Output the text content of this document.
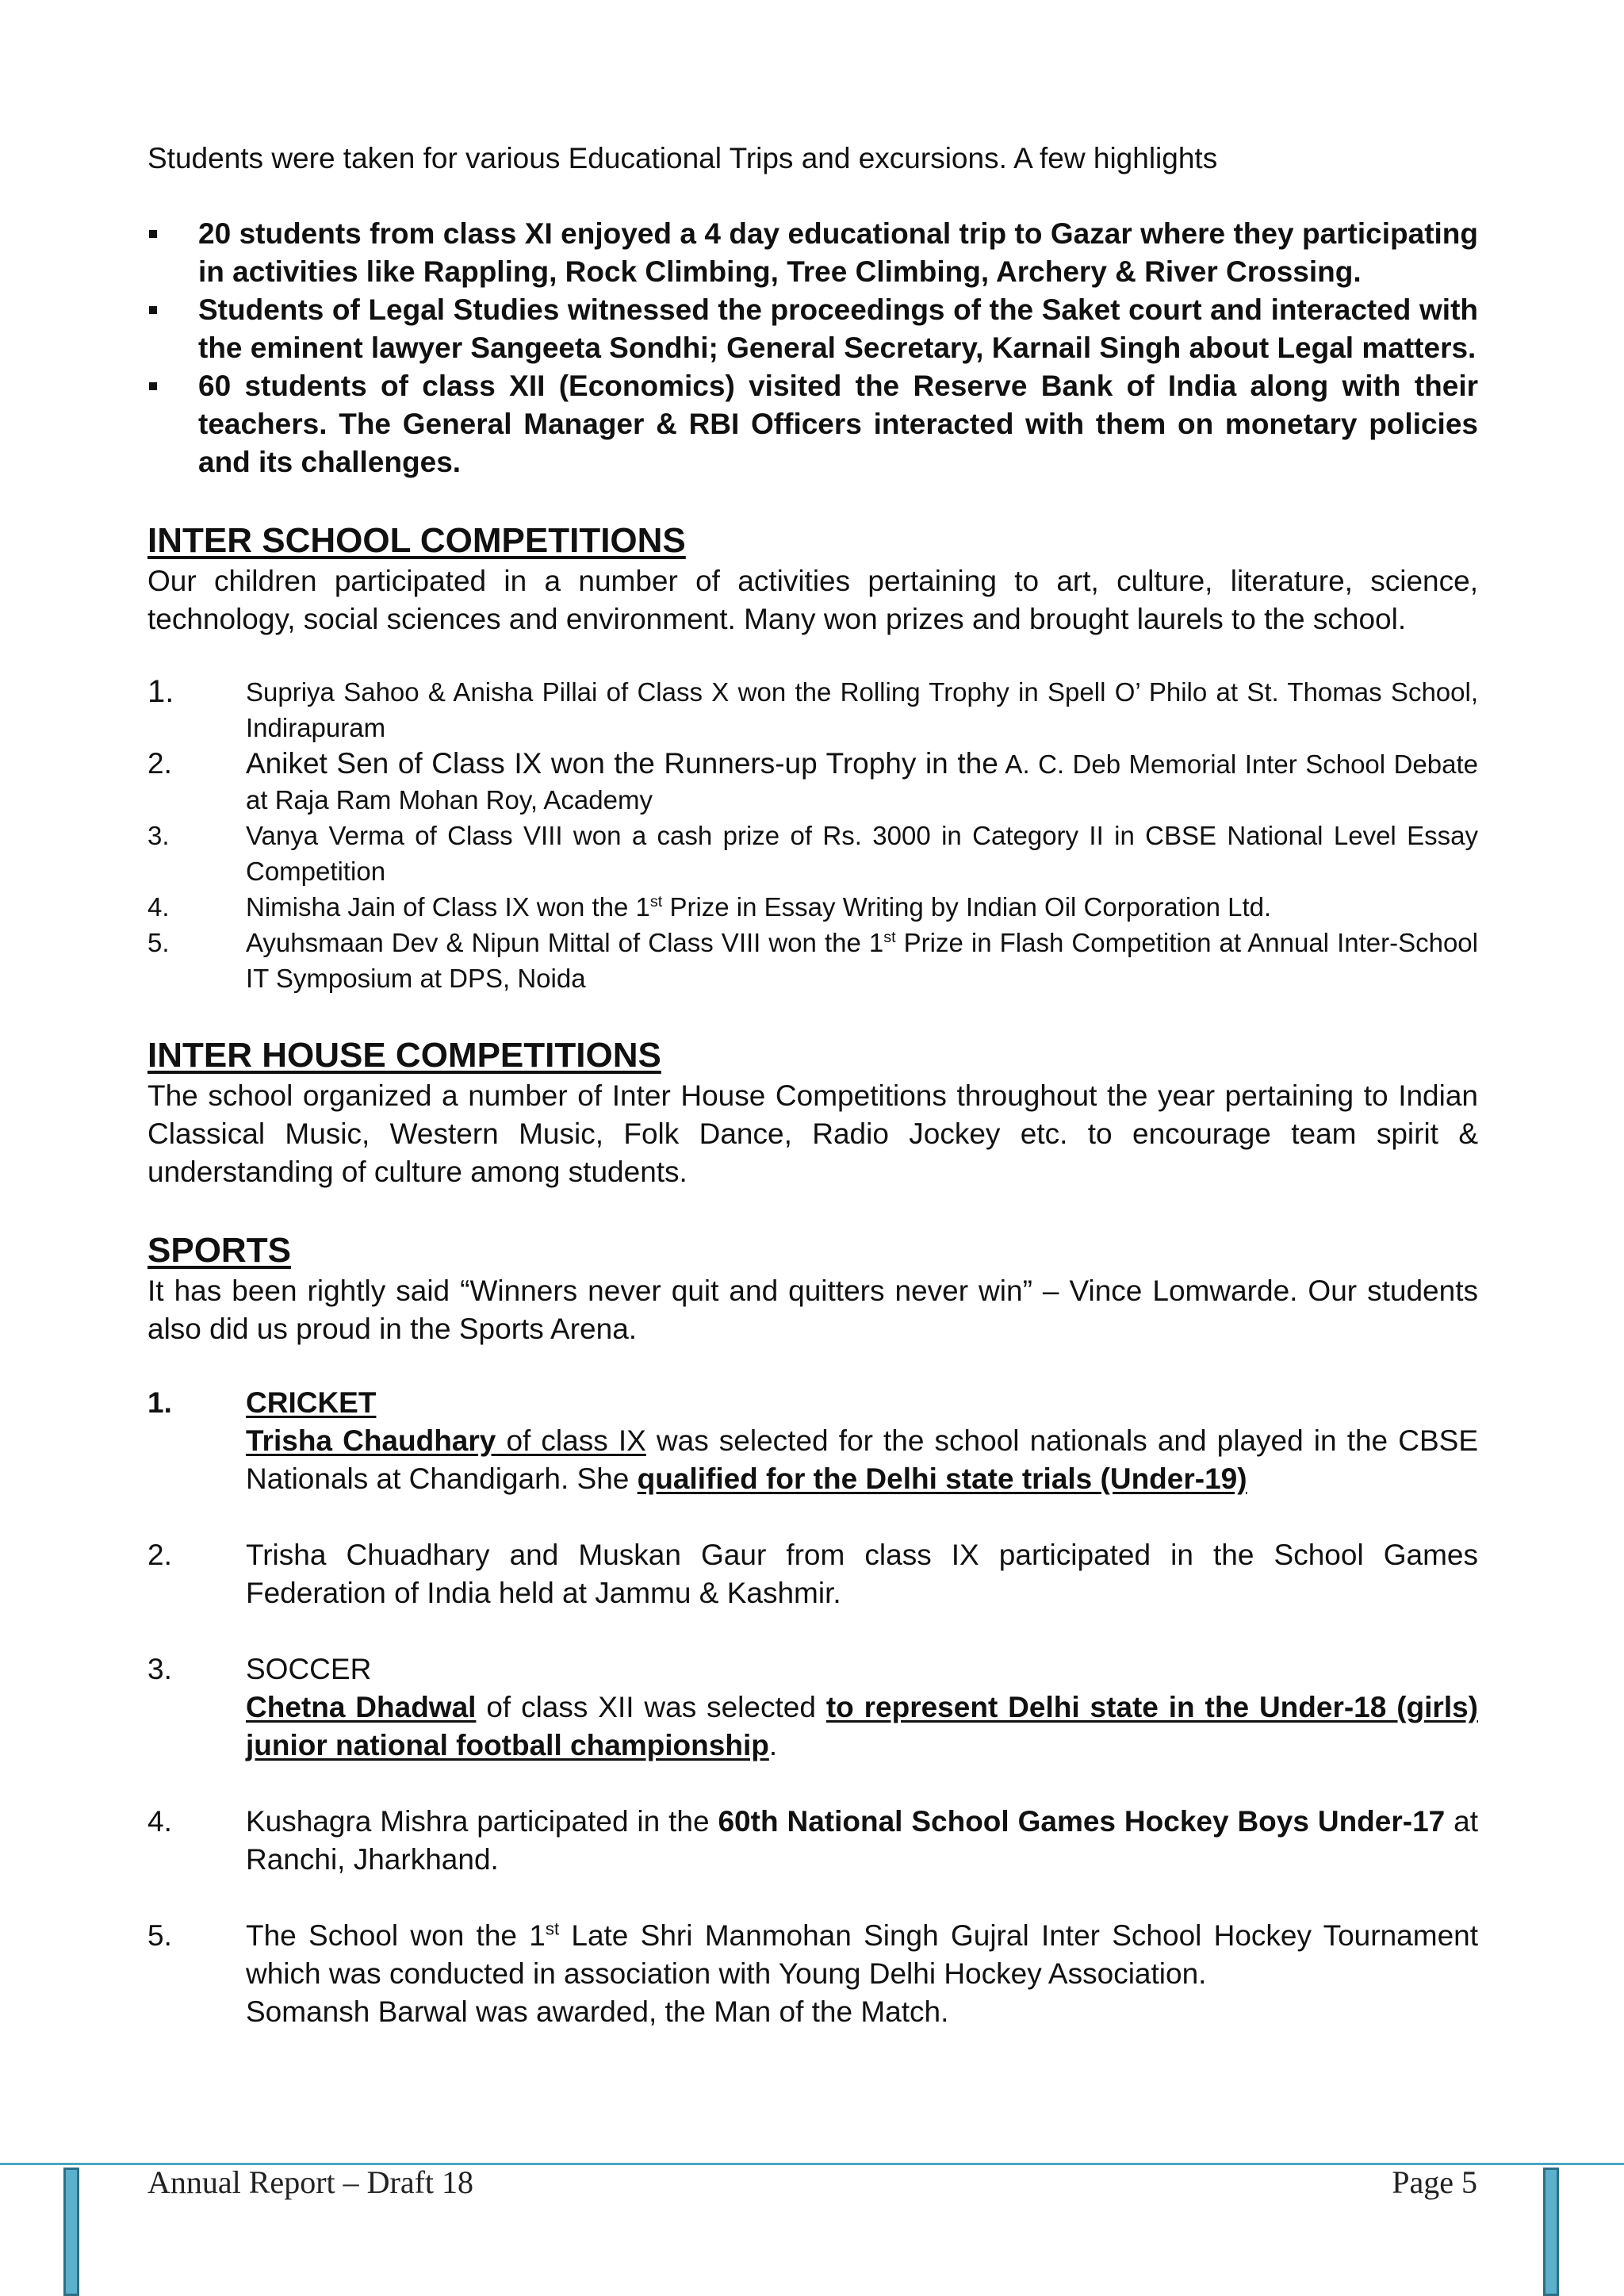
Students were taken for various Educational Trips and excursions. A few highlights

20 students from class XI enjoyed a 4 day educational trip to Gazar where they participating in activities like Rappling, Rock Climbing, Tree Climbing, Archery & River Crossing.
Students of Legal Studies witnessed the proceedings of the Saket court and interacted with the eminent lawyer Sangeeta Sondhi; General Secretary, Karnail Singh about Legal matters.
60 students of class XII (Economics) visited the Reserve Bank of India along with their teachers. The General Manager & RBI Officers interacted with them on monetary policies and its challenges.
INTER SCHOOL COMPETITIONS

Our children participated in a number of activities pertaining to art, culture, literature, science, technology, social sciences and environment. Many won prizes and brought laurels to the school.

1.	Supriya Sahoo & Anisha Pillai of Class X won the Rolling Trophy in Spell O’ Philo at St. Thomas School, Indirapuram
2.	Aniket Sen of Class IX won the Runners-up Trophy in the A. C. Deb Memorial Inter School Debate at Raja Ram Mohan Roy, Academy
3.	Vanya Verma of Class VIII won a cash prize of Rs. 3000 in Category II in CBSE National Level Essay Competition
4.	Nimisha Jain of Class IX won the 1st Prize in Essay Writing by Indian Oil Corporation Ltd.
5.	Ayuhsmaan Dev & Nipun Mittal of Class VIII won the 1st Prize in Flash Competition at Annual Inter-School IT Symposium at DPS, Noida
INTER HOUSE COMPETITIONS

The school organized a number of Inter House Competitions throughout the year pertaining to Indian Classical Music, Western Music, Folk Dance, Radio Jockey etc. to encourage team spirit & understanding of culture among students.

SPORTS

It has been rightly said “Winners never quit and quitters never win” – Vince Lomwarde. Our students also did us proud in the Sports Arena.

1.	CRICKET
Trisha Chaudhary of class IX was selected for the school nationals and played in the CBSE Nationals at Chandigarh. She qualified for the Delhi state trials (Under-19)
2.	Trisha Chuadhary and Muskan Gaur from class IX participated in the School Games Federation of India held at Jammu & Kashmir.
3.	SOCCER
Chetna Dhadwal of class XII was selected to represent Delhi state in the Under-18 (girls) junior national football championship.
4.	Kushagra Mishra participated in the 60th National School Games Hockey Boys Under-17 at Ranchi, Jharkhand.
5.	The School won the 1st Late Shri Manmohan Singh Gujral Inter School Hockey Tournament which was conducted in association with Young Delhi Hockey Association.
Somansh Barwal was awarded, the Man of the Match.
Annual Report – Draft 18	Page 5
